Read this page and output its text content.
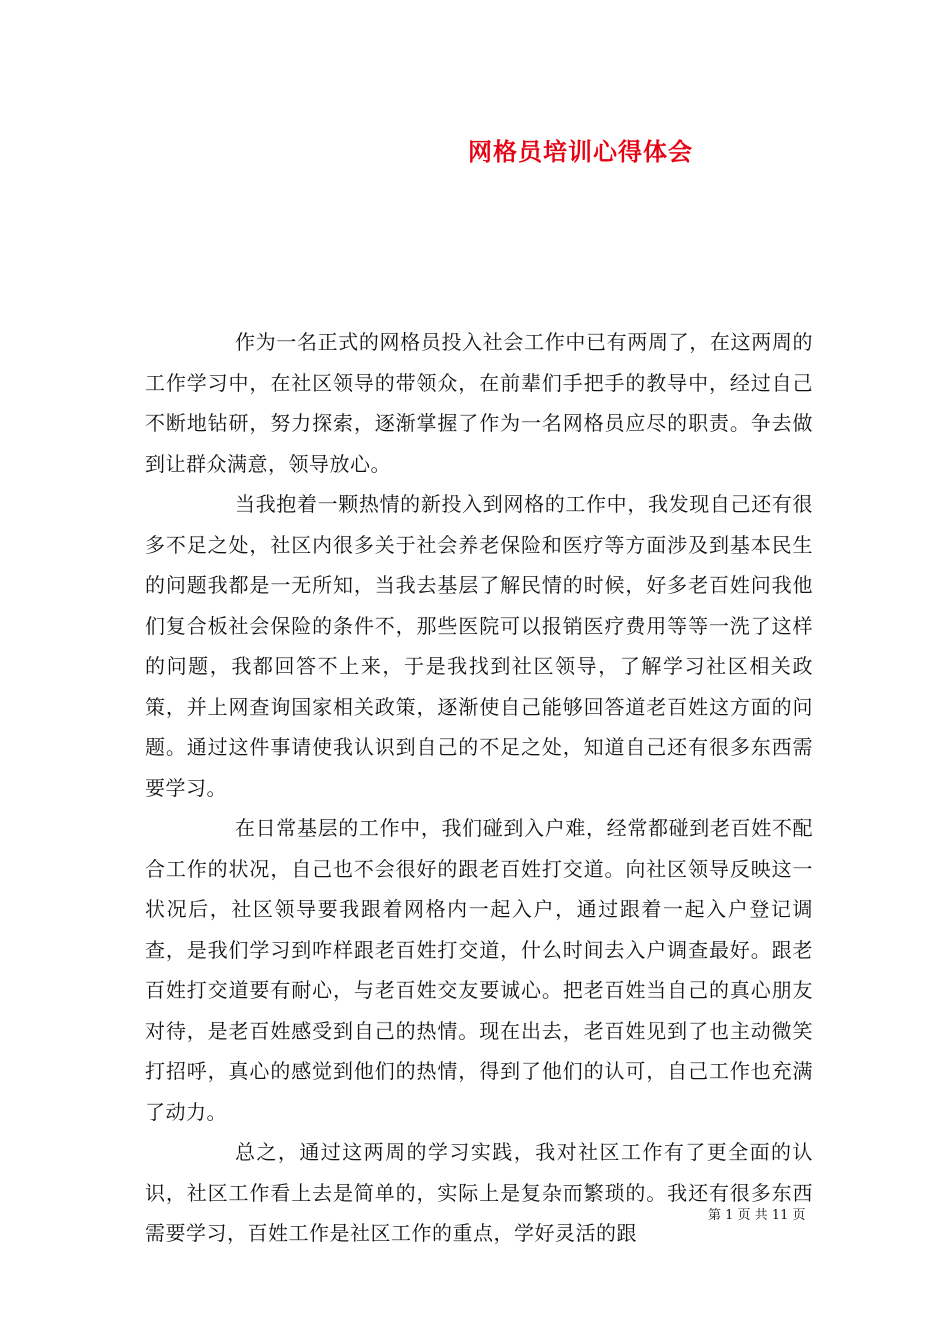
网格员培训心得体会

作为一名正式的网格员投入社会工作中已有两周了，在这两周的工作学习中，在社区领导的带领众，在前辈们手把手的教导中，经过自己不断地钻研，努力探索，逐渐掌握了作为一名网格员应尽的职责。争去做到让群众满意，领导放心。

当我抱着一颗热情的新投入到网格的工作中，我发现自己还有很多不足之处，社区内很多关于社会养老保险和医疗等方面涉及到基本民生的问题我都是一无所知，当我去基层了解民情的时候，好多老百姓问我他们复合板社会保险的条件不，那些医院可以报销医疗费用等等一洗了这样的问题，我都回答不上来，于是我找到社区领导，了解学习社区相关政策，并上网查询国家相关政策，逐渐使自己能够回答道老百姓这方面的问题。通过这件事请使我认识到自己的不足之处，知道自己还有很多东西需要学习。

在日常基层的工作中，我们碰到入户难，经常都碰到老百姓不配合工作的状况，自己也不会很好的跟老百姓打交道。向社区领导反映这一状况后，社区领导要我跟着网格内一起入户，通过跟着一起入户登记调查，是我们学习到咋样跟老百姓打交道，什么时间去入户调查最好。跟老百姓打交道要有耐心，与老百姓交友要诚心。把老百姓当自己的真心朋友对待，是老百姓感受到自己的热情。现在出去，老百姓见到了也主动微笑打招呼，真心的感觉到他们的热情，得到了他们的认可，自己工作也充满了动力。

总之，通过这两周的学习实践，我对社区工作有了更全面的认识，社区工作看上去是简单的，实际上是复杂而繁琐的。我还有很多东西需要学习，百姓工作是社区工作的重点，学好灵活的跟

第 1 页 共 11 页
